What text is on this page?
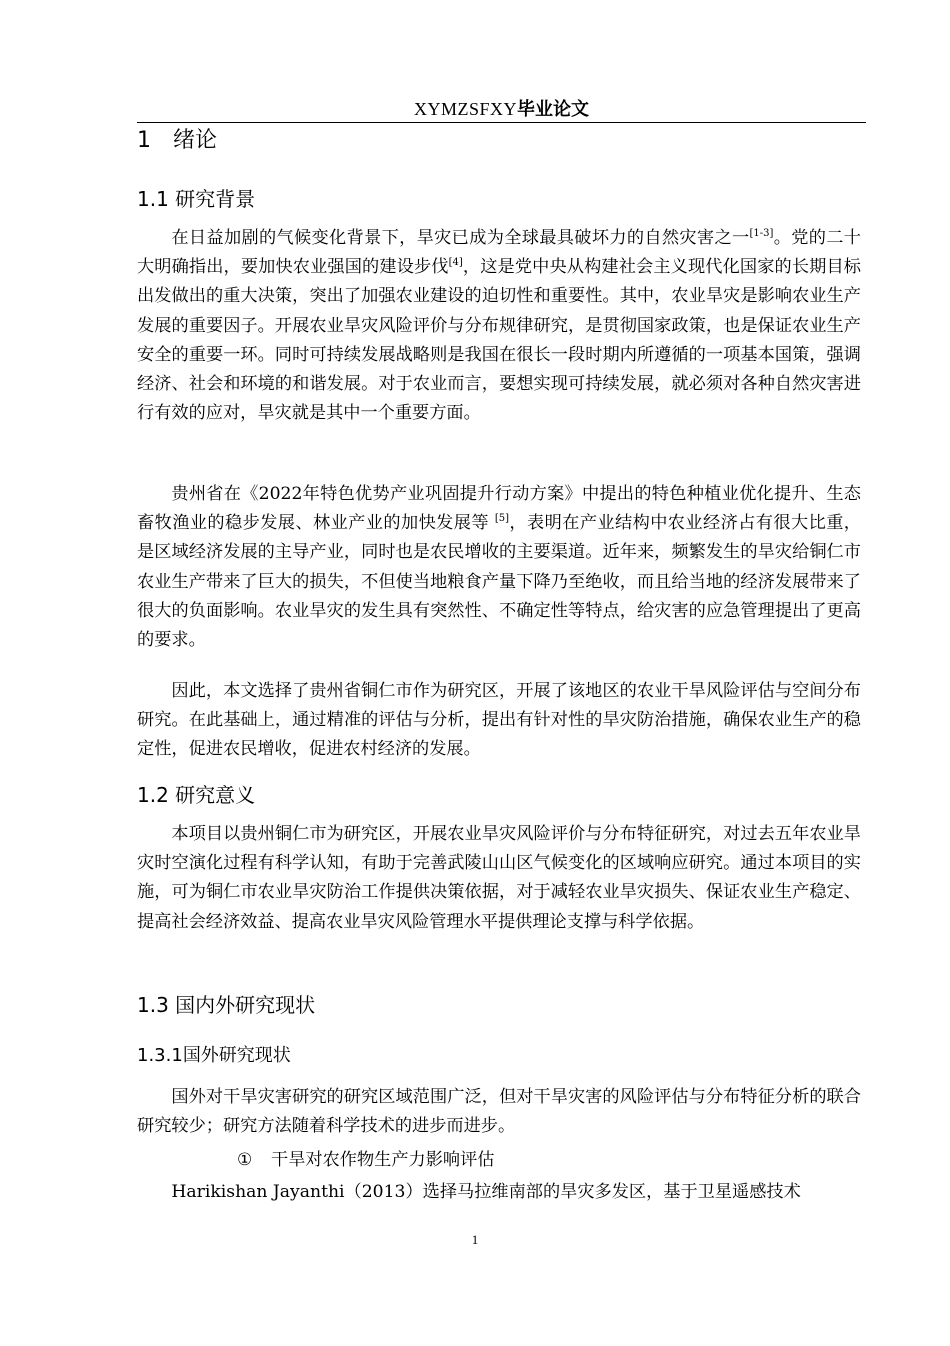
XYMZSFXY毕业论文
1 绪论
1.1 研究背景
在日益加剧的气候变化背景下，旱灾已成为全球最具破坏力的自然灾害之一[1-3]。党的二十大明确指出，要加快农业强国的建设步伐[4]，这是党中央从构建社会主义现代化国家的长期目标出发做出的重大决策，突出了加强农业建设的迫切性和重要性。其中，农业旱灾是影响农业生产发展的重要因子。开展农业旱灾风险评价与分布规律研究，是贯彻国家政策，也是保证农业生产安全的重要一环。同时可持续发展战略则是我国在很长一段时期内所遵循的一项基本国策，强调经济、社会和环境的和谐发展。对于农业而言，要想实现可持续发展，就必须对各种自然灾害进行有效的应对，旱灾就是其中一个重要方面。
贵州省在《2022年特色优势产业巩固提升行动方案》中提出的特色种植业优化提升、生态畜牧渔业的稳步发展、林业产业的加快发展等 [5]，表明在产业结构中农业经济占有很大比重，是区域经济发展的主导产业，同时也是农民增收的主要渠道。近年来，频繁发生的旱灾给铜仁市农业生产带来了巨大的损失，不但使当地粮食产量下降乃至绝收，而且给当地的经济发展带来了很大的负面影响。农业旱灾的发生具有突然性、不确定性等特点，给灾害的应急管理提出了更高的要求。
因此，本文选择了贵州省铜仁市作为研究区，开展了该地区的农业干旱风险评估与空间分布研究。在此基础上，通过精准的评估与分析，提出有针对性的旱灾防治措施，确保农业生产的稳定性，促进农民增收，促进农村经济的发展。
1.2 研究意义
本项目以贵州铜仁市为研究区，开展农业旱灾风险评价与分布特征研究，对过去五年农业旱灾时空演化过程有科学认知，有助于完善武陵山山区气候变化的区域响应研究。通过本项目的实施，可为铜仁市农业旱灾防治工作提供决策依据，对于减轻农业旱灾损失、保证农业生产稳定、提高社会经济效益、提高农业旱灾风险管理水平提供理论支撑与科学依据。
1.3 国内外研究现状
1.3.1国外研究现状
国外对干旱灾害研究的研究区域范围广泛，但对干旱灾害的风险评估与分布特征分析的联合研究较少；研究方法随着科学技术的进步而进步。
① 干旱对农作物生产力影响评估
Harikishan Jayanthi（2013）选择马拉维南部的旱灾多发区，基于卫星遥感技术
1
